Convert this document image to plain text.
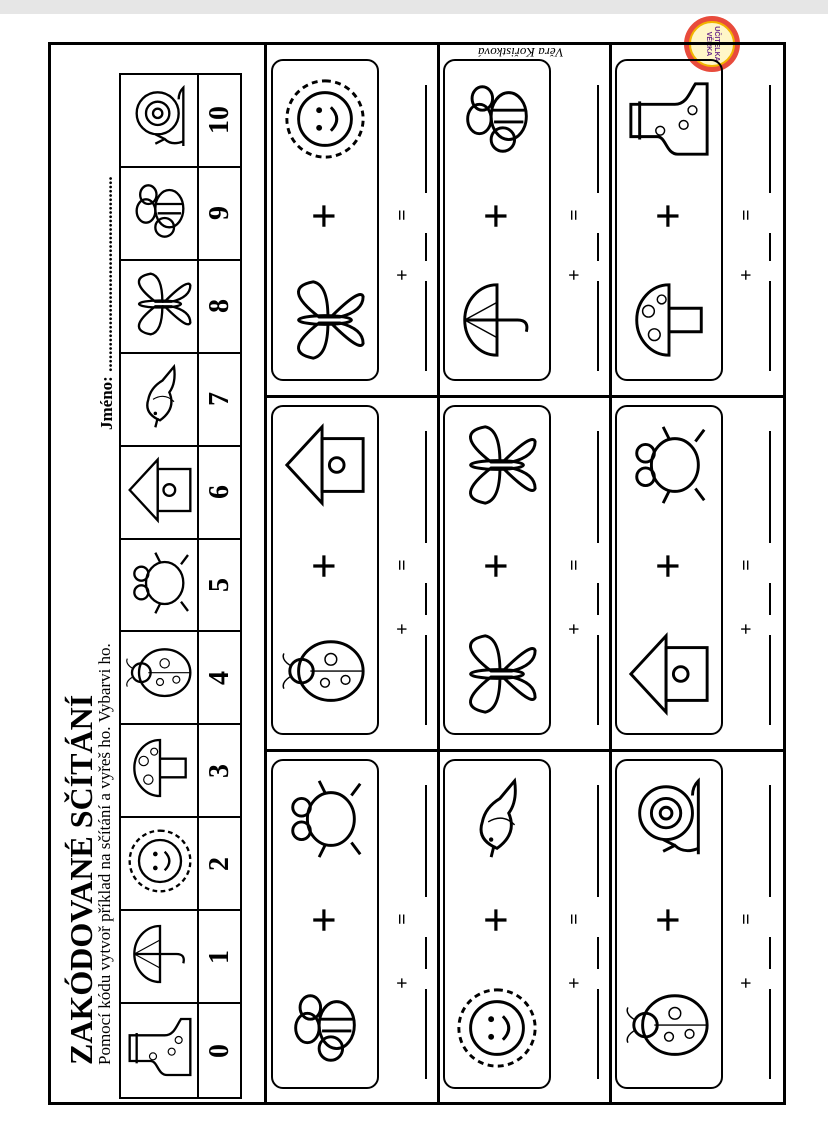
Věra Kořistková	UČITELKA VĚRKA
ZAKÓDOVANÉ SČÍTÁNÍ
Pomocí kódu vytvoř příklad na sčítání a vyřeš ho. Vybarvi ho.
Jméno: ..............................................
0
1
2
3
4
5
6
7
8
9
10
+
+
= +
+
= +
+
=
+
+
= +
+
= +
+
=
+
+
= +
+
= +
+
=
